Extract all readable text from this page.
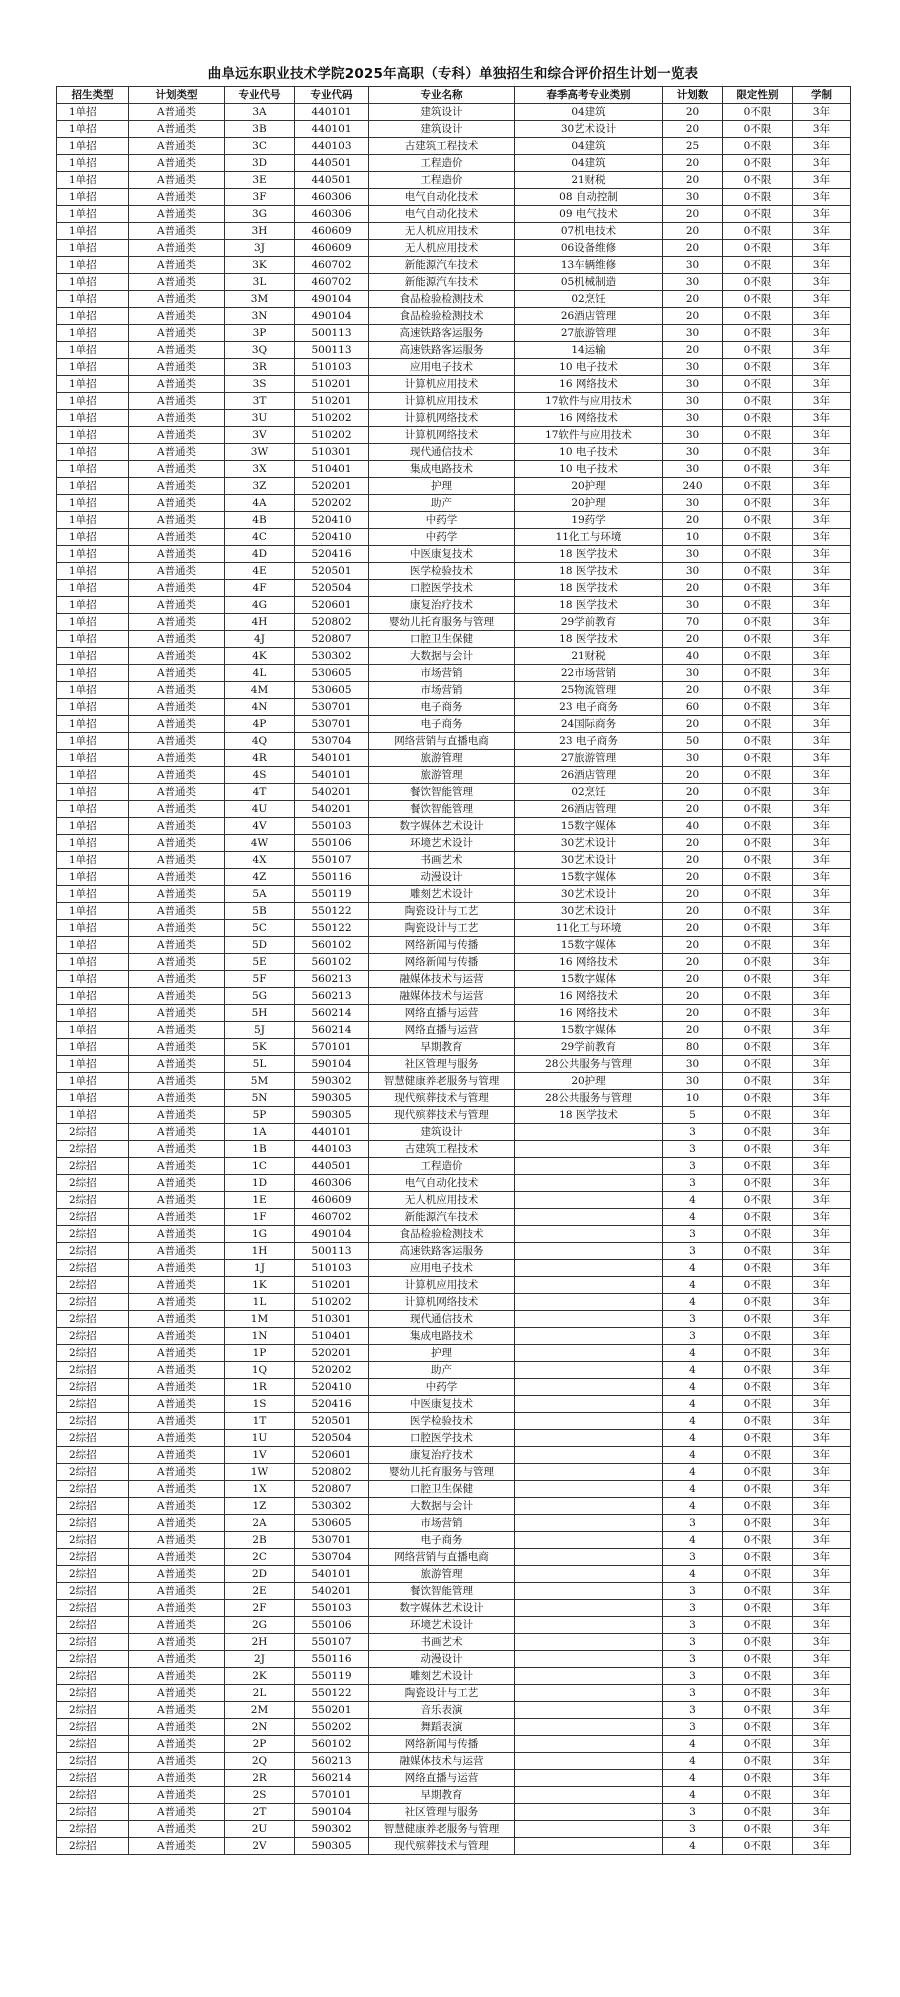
曲阜远东职业技术学院2025年高职（专科）单独招生和综合评价招生计划一览表
招生类型	计划类型	专业代号	专业代码	专业名称	春季高考专业类别	计划数	限定性别	学制
1单招	A普通类	3A	440101	建筑设计	04建筑	20	0不限	3年
1单招	A普通类	3B	440101	建筑设计	30艺术设计	20	0不限	3年
1单招	A普通类	3C	440103	古建筑工程技术	04建筑	25	0不限	3年
1单招	A普通类	3D	440501	工程造价	04建筑	20	0不限	3年
1单招	A普通类	3E	440501	工程造价	21财税	20	0不限	3年
1单招	A普通类	3F	460306	电气自动化技术	08 自动控制	30	0不限	3年
1单招	A普通类	3G	460306	电气自动化技术	09 电气技术	20	0不限	3年
1单招	A普通类	3H	460609	无人机应用技术	07机电技术	20	0不限	3年
1单招	A普通类	3J	460609	无人机应用技术	06设备维修	20	0不限	3年
1单招	A普通类	3K	460702	新能源汽车技术	13车辆维修	30	0不限	3年
1单招	A普通类	3L	460702	新能源汽车技术	05机械制造	30	0不限	3年
1单招	A普通类	3M	490104	食品检验检测技术	02烹饪	20	0不限	3年
1单招	A普通类	3N	490104	食品检验检测技术	26酒店管理	20	0不限	3年
1单招	A普通类	3P	500113	高速铁路客运服务	27旅游管理	30	0不限	3年
1单招	A普通类	3Q	500113	高速铁路客运服务	14运输	20	0不限	3年
1单招	A普通类	3R	510103	应用电子技术	10 电子技术	30	0不限	3年
1单招	A普通类	3S	510201	计算机应用技术	16 网络技术	30	0不限	3年
1单招	A普通类	3T	510201	计算机应用技术	17软件与应用技术	30	0不限	3年
1单招	A普通类	3U	510202	计算机网络技术	16 网络技术	30	0不限	3年
1单招	A普通类	3V	510202	计算机网络技术	17软件与应用技术	30	0不限	3年
1单招	A普通类	3W	510301	现代通信技术	10 电子技术	30	0不限	3年
1单招	A普通类	3X	510401	集成电路技术	10 电子技术	30	0不限	3年
1单招	A普通类	3Z	520201	护理	20护理	240	0不限	3年
1单招	A普通类	4A	520202	助产	20护理	30	0不限	3年
1单招	A普通类	4B	520410	中药学	19药学	20	0不限	3年
1单招	A普通类	4C	520410	中药学	11化工与环境	10	0不限	3年
1单招	A普通类	4D	520416	中医康复技术	18 医学技术	30	0不限	3年
1单招	A普通类	4E	520501	医学检验技术	18 医学技术	30	0不限	3年
1单招	A普通类	4F	520504	口腔医学技术	18 医学技术	20	0不限	3年
1单招	A普通类	4G	520601	康复治疗技术	18 医学技术	30	0不限	3年
1单招	A普通类	4H	520802	婴幼儿托育服务与管理	29学前教育	70	0不限	3年
1单招	A普通类	4J	520807	口腔卫生保健	18 医学技术	20	0不限	3年
1单招	A普通类	4K	530302	大数据与会计	21财税	40	0不限	3年
1单招	A普通类	4L	530605	市场营销	22市场营销	30	0不限	3年
1单招	A普通类	4M	530605	市场营销	25物流管理	20	0不限	3年
1单招	A普通类	4N	530701	电子商务	23 电子商务	60	0不限	3年
1单招	A普通类	4P	530701	电子商务	24国际商务	20	0不限	3年
1单招	A普通类	4Q	530704	网络营销与直播电商	23 电子商务	50	0不限	3年
1单招	A普通类	4R	540101	旅游管理	27旅游管理	30	0不限	3年
1单招	A普通类	4S	540101	旅游管理	26酒店管理	20	0不限	3年
1单招	A普通类	4T	540201	餐饮智能管理	02烹饪	20	0不限	3年
1单招	A普通类	4U	540201	餐饮智能管理	26酒店管理	20	0不限	3年
1单招	A普通类	4V	550103	数字媒体艺术设计	15数字媒体	40	0不限	3年
1单招	A普通类	4W	550106	环境艺术设计	30艺术设计	20	0不限	3年
1单招	A普通类	4X	550107	书画艺术	30艺术设计	20	0不限	3年
1单招	A普通类	4Z	550116	动漫设计	15数字媒体	20	0不限	3年
1单招	A普通类	5A	550119	雕刻艺术设计	30艺术设计	20	0不限	3年
1单招	A普通类	5B	550122	陶瓷设计与工艺	30艺术设计	20	0不限	3年
1单招	A普通类	5C	550122	陶瓷设计与工艺	11化工与环境	20	0不限	3年
1单招	A普通类	5D	560102	网络新闻与传播	15数字媒体	20	0不限	3年
1单招	A普通类	5E	560102	网络新闻与传播	16 网络技术	20	0不限	3年
1单招	A普通类	5F	560213	融媒体技术与运营	15数字媒体	20	0不限	3年
1单招	A普通类	5G	560213	融媒体技术与运营	16 网络技术	20	0不限	3年
1单招	A普通类	5H	560214	网络直播与运营	16 网络技术	20	0不限	3年
1单招	A普通类	5J	560214	网络直播与运营	15数字媒体	20	0不限	3年
1单招	A普通类	5K	570101	早期教育	29学前教育	80	0不限	3年
1单招	A普通类	5L	590104	社区管理与服务	28公共服务与管理	30	0不限	3年
1单招	A普通类	5M	590302	智慧健康养老服务与管理	20护理	30	0不限	3年
1单招	A普通类	5N	590305	现代殡葬技术与管理	28公共服务与管理	10	0不限	3年
1单招	A普通类	5P	590305	现代殡葬技术与管理	18 医学技术	5	0不限	3年
2综招	A普通类	1A	440101	建筑设计		3	0不限	3年
2综招	A普通类	1B	440103	古建筑工程技术		3	0不限	3年
2综招	A普通类	1C	440501	工程造价		3	0不限	3年
2综招	A普通类	1D	460306	电气自动化技术		3	0不限	3年
2综招	A普通类	1E	460609	无人机应用技术		4	0不限	3年
2综招	A普通类	1F	460702	新能源汽车技术		4	0不限	3年
2综招	A普通类	1G	490104	食品检验检测技术		3	0不限	3年
2综招	A普通类	1H	500113	高速铁路客运服务		3	0不限	3年
2综招	A普通类	1J	510103	应用电子技术		4	0不限	3年
2综招	A普通类	1K	510201	计算机应用技术		4	0不限	3年
2综招	A普通类	1L	510202	计算机网络技术		4	0不限	3年
2综招	A普通类	1M	510301	现代通信技术		3	0不限	3年
2综招	A普通类	1N	510401	集成电路技术		3	0不限	3年
2综招	A普通类	1P	520201	护理		4	0不限	3年
2综招	A普通类	1Q	520202	助产		4	0不限	3年
2综招	A普通类	1R	520410	中药学		4	0不限	3年
2综招	A普通类	1S	520416	中医康复技术		4	0不限	3年
2综招	A普通类	1T	520501	医学检验技术		4	0不限	3年
2综招	A普通类	1U	520504	口腔医学技术		4	0不限	3年
2综招	A普通类	1V	520601	康复治疗技术		4	0不限	3年
2综招	A普通类	1W	520802	婴幼儿托育服务与管理		4	0不限	3年
2综招	A普通类	1X	520807	口腔卫生保健		4	0不限	3年
2综招	A普通类	1Z	530302	大数据与会计		4	0不限	3年
2综招	A普通类	2A	530605	市场营销		3	0不限	3年
2综招	A普通类	2B	530701	电子商务		4	0不限	3年
2综招	A普通类	2C	530704	网络营销与直播电商		3	0不限	3年
2综招	A普通类	2D	540101	旅游管理		4	0不限	3年
2综招	A普通类	2E	540201	餐饮智能管理		3	0不限	3年
2综招	A普通类	2F	550103	数字媒体艺术设计		3	0不限	3年
2综招	A普通类	2G	550106	环境艺术设计		3	0不限	3年
2综招	A普通类	2H	550107	书画艺术		3	0不限	3年
2综招	A普通类	2J	550116	动漫设计		3	0不限	3年
2综招	A普通类	2K	550119	雕刻艺术设计		3	0不限	3年
2综招	A普通类	2L	550122	陶瓷设计与工艺		3	0不限	3年
2综招	A普通类	2M	550201	音乐表演		3	0不限	3年
2综招	A普通类	2N	550202	舞蹈表演		3	0不限	3年
2综招	A普通类	2P	560102	网络新闻与传播		4	0不限	3年
2综招	A普通类	2Q	560213	融媒体技术与运营		4	0不限	3年
2综招	A普通类	2R	560214	网络直播与运营		4	0不限	3年
2综招	A普通类	2S	570101	早期教育		4	0不限	3年
2综招	A普通类	2T	590104	社区管理与服务		3	0不限	3年
2综招	A普通类	2U	590302	智慧健康养老服务与管理		3	0不限	3年
2综招	A普通类	2V	590305	现代殡葬技术与管理		4	0不限	3年
